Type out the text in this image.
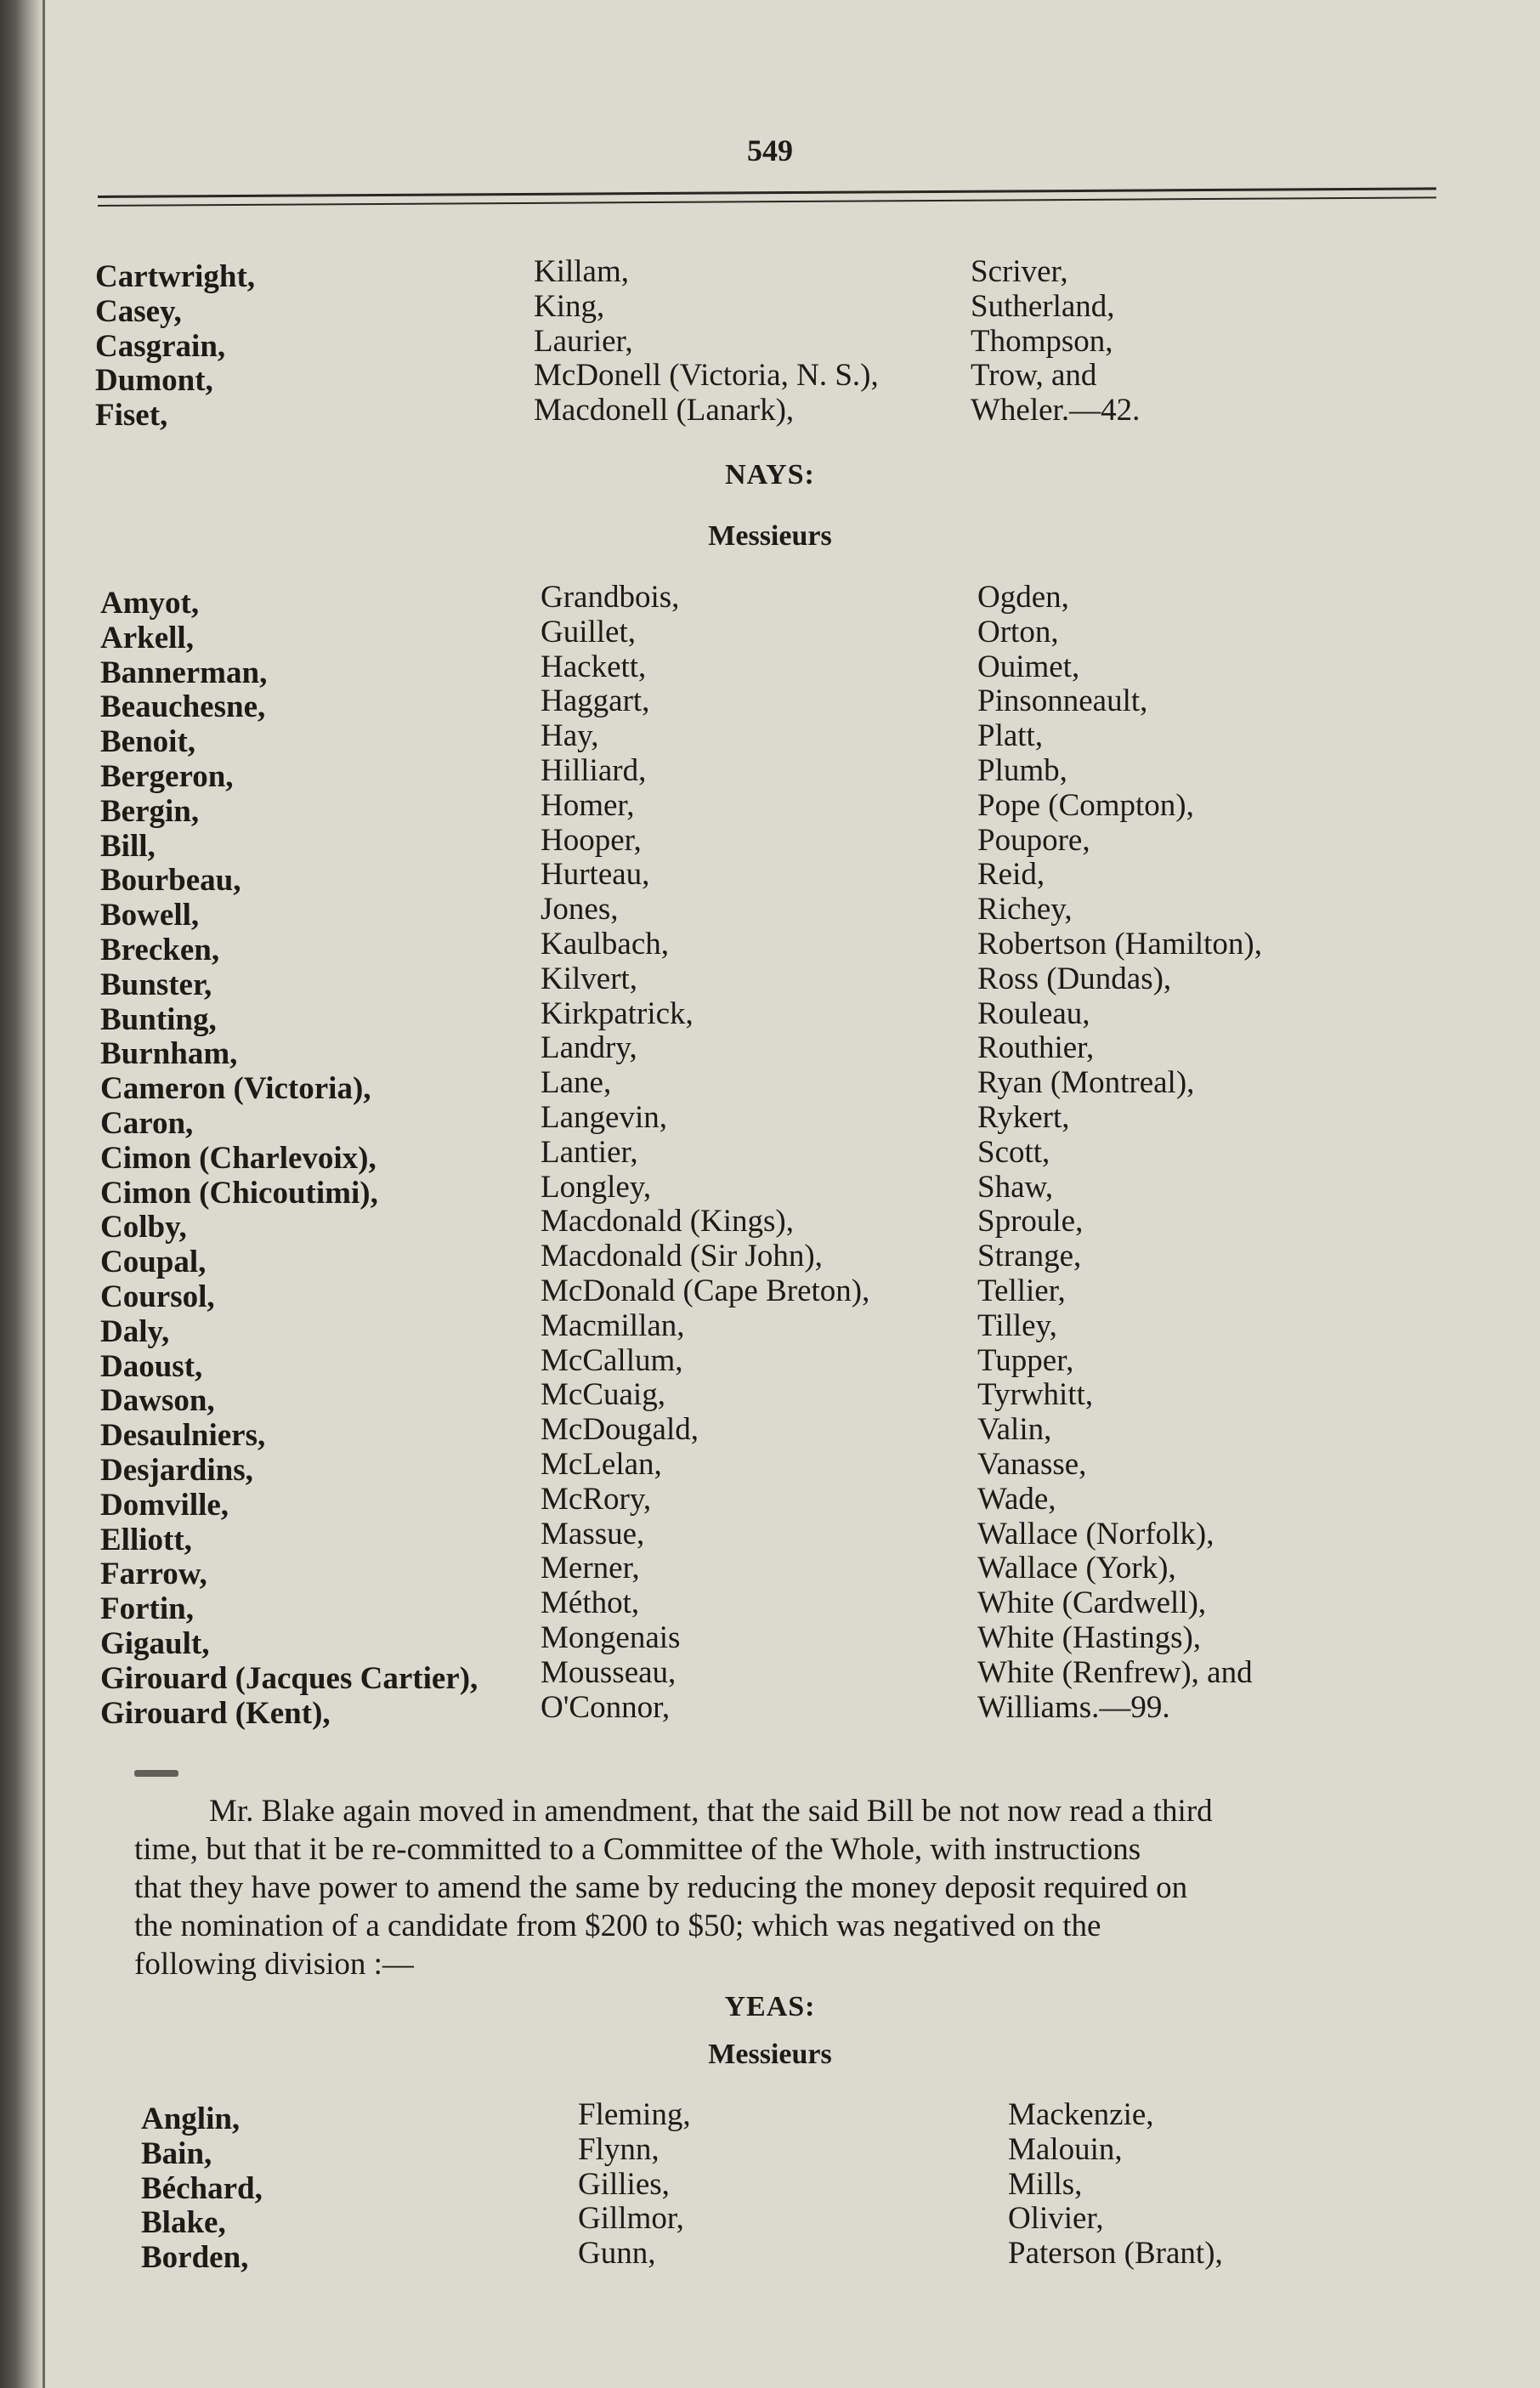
549
Cartwright,
Casey,
Casgrain,
Dumont,
Fiset,
Killam,
King,
Laurier,
McDonell (Victoria, N. S.),
Macdonell (Lanark),
Scriver,
Sutherland,
Thompson,
Trow, and
Wheler.—42.
NAYS:
Messieurs
Amyot,
Arkell,
Bannerman,
Beauchesne,
Benoit,
Bergeron,
Bergin,
Bill,
Bourbeau,
Bowell,
Brecken,
Bunster,
Bunting,
Burnham,
Cameron (Victoria),
Caron,
Cimon (Charlevoix),
Cimon (Chicoutimi),
Colby,
Coupal,
Coursol,
Daly,
Daoust,
Dawson,
Desaulniers,
Desjardins,
Domville,
Elliott,
Farrow,
Fortin,
Gigault,
Girouard (Jacques Cartier),
Girouard (Kent),
Grandbois,
Guillet,
Hackett,
Haggart,
Hay,
Hilliard,
Homer,
Hooper,
Hurteau,
Jones,
Kaulbach,
Kilvert,
Kirkpatrick,
Landry,
Lane,
Langevin,
Lantier,
Longley,
Macdonald (Kings),
Macdonald (Sir John),
McDonald (Cape Breton),
Macmillan,
McCallum,
McCuaig,
McDougald,
McLelan,
McRory,
Massue,
Merner,
Méthot,
Mongenais
Mousseau,
O'Connor,
Ogden,
Orton,
Ouimet,
Pinsonneault,
Platt,
Plumb,
Pope (Compton),
Poupore,
Reid,
Richey,
Robertson (Hamilton),
Ross (Dundas),
Rouleau,
Routhier,
Ryan (Montreal),
Rykert,
Scott,
Shaw,
Sproule,
Strange,
Tellier,
Tilley,
Tupper,
Tyrwhitt,
Valin,
Vanasse,
Wade,
Wallace (Norfolk),
Wallace (York),
White (Cardwell),
White (Hastings),
White (Renfrew), and
Williams.—99.
Mr. Blake again moved in amendment, that the said Bill be not now read a third
time, but that it be re-committed to a Committee of the Whole, with instructions
that they have power to amend the same by reducing the money deposit required on
the nomination of a candidate from $200 to $50; which was negatived on the
following division :—
YEAS:
Messieurs
Anglin,
Bain,
Béchard,
Blake,
Borden,
Fleming,
Flynn,
Gillies,
Gillmor,
Gunn,
Mackenzie,
Malouin,
Mills,
Olivier,
Paterson (Brant),
